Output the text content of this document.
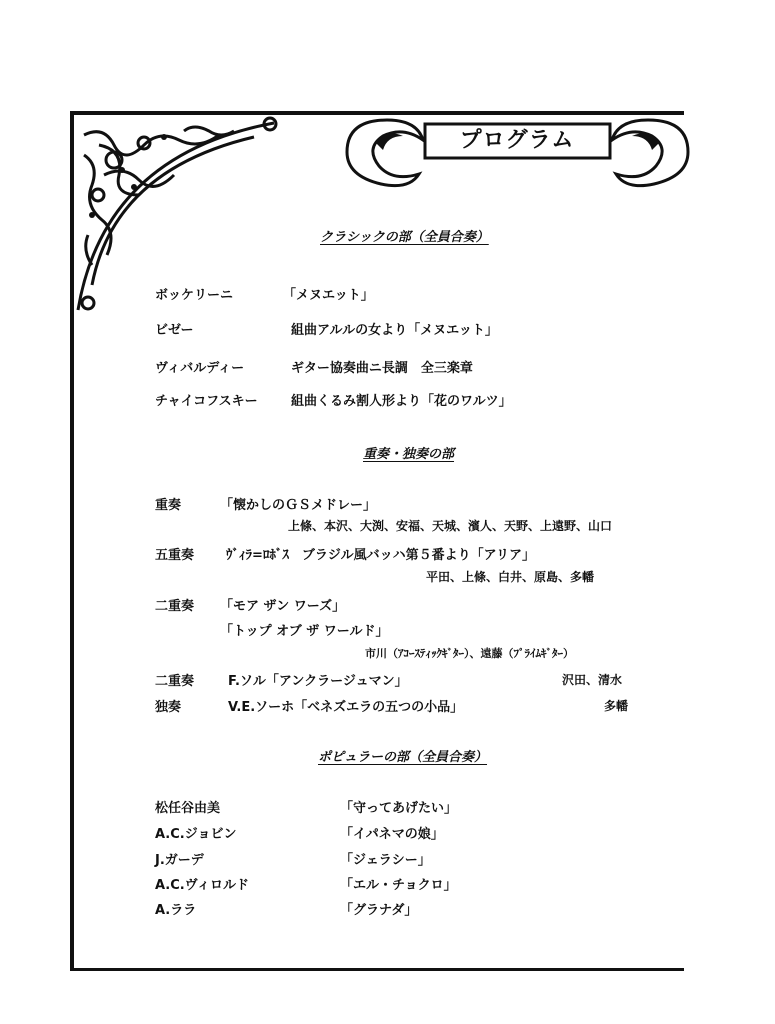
プログラム
クラシックの部（全員合奏）
ボッケリーニ	「メヌエット」
ビゼー	組曲アルルの女より「メヌエット」
ヴィバルディー	ギター協奏曲ニ長調　全三楽章
チャイコフスキー	組曲くるみ割人形より「花のワルツ」
重奏・独奏の部
重奏	「懐かしのＧＳメドレー」
上條、本沢、大渕、安福、天城、濱人、天野、上遠野、山口
五重奏 ｳﾞｨﾗ=ﾛﾎﾞｽ　ブラジル風バッハ第５番より「アリア」
平田、上條、白井、原島、多幡
二重奏 「モア ザン ワーズ」
「トップ オブ ザ ワールド」
市川（ｱｺｰｽﾃｨｯｸｷﾞﾀｰ）、遠藤（ﾌﾟﾗｲﾑｷﾞﾀｰ）
二重奏	F.ソル「アンクラージュマン」	沢田、清水
独奏	V.E.ソーホ「ベネズエラの五つの小品」	多幡
ポピュラーの部（全員合奏）
松任谷由美	「守ってあげたい」
A.C.ジョビン	「イパネマの娘」
J.ガーデ	「ジェラシー」
A.C.ヴィロルド	「エル・チョクロ」
A.ララ	「グラナダ」
